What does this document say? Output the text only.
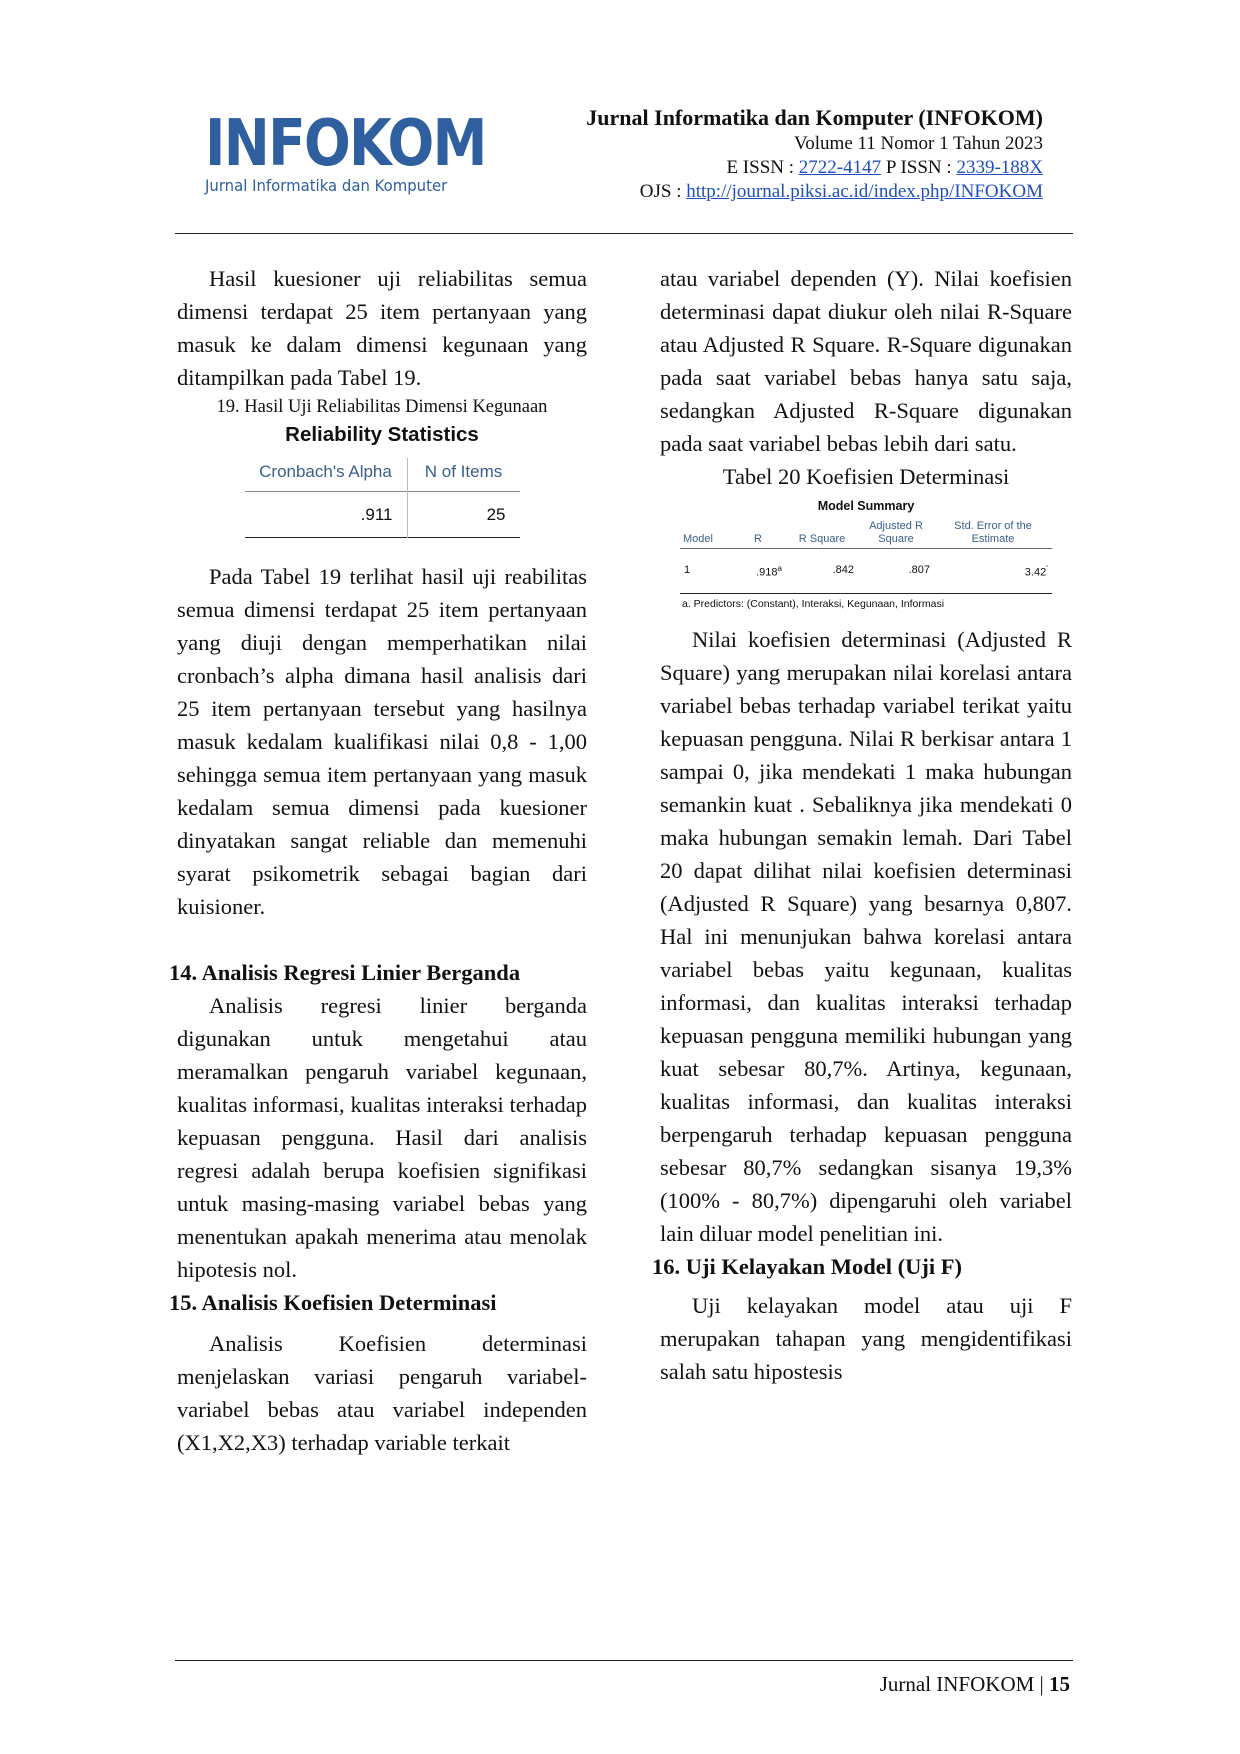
INFOKOM
Jurnal Informatika dan Komputer
Jurnal Informatika dan Komputer (INFOKOM)
Volume 11 Nomor 1 Tahun 2023
E ISSN : 2722-4147 P ISSN : 2339-188X
OJS : http://journal.piksi.ac.id/index.php/INFOKOM

Hasil kuesioner uji reliabilitas semua dimensi terdapat 25 item pertanyaan yang masuk ke dalam dimensi kegunaan yang ditampilkan pada Tabel 19.

19. Hasil Uji Reliabilitas Dimensi Kegunaan
Reliability Statistics
Cronbach's Alpha	N of Items
.911	25

Pada Tabel 19 terlihat hasil uji reabilitas semua dimensi terdapat 25 item pertanyaan yang diuji dengan memperhatikan nilai cronbach’s alpha dimana hasil analisis dari 25 item pertanyaan tersebut yang hasilnya masuk kedalam kualifikasi nilai 0,8 - 1,00 sehingga semua item pertanyaan yang masuk kedalam semua dimensi pada kuesioner dinyatakan sangat reliable dan memenuhi syarat psikometrik sebagai bagian dari kuisioner.

14. Analisis Regresi Linier Berganda

Analisis regresi linier berganda digunakan untuk mengetahui atau meramalkan pengaruh variabel kegunaan, kualitas informasi, kualitas interaksi terhadap kepuasan pengguna. Hasil dari analisis regresi adalah berupa koefisien signifikasi untuk masing-masing variabel bebas yang menentukan apakah menerima atau menolak hipotesis nol.

15. Analisis Koefisien Determinasi

Analisis Koefisien determinasi menjelaskan variasi pengaruh variabel-variabel bebas atau variabel independen (X1,X2,X3) terhadap variable terkait

atau variabel dependen (Y). Nilai koefisien determinasi dapat diukur oleh nilai R-Square atau Adjusted R Square. R-Square digunakan pada saat variabel bebas hanya satu saja, sedangkan Adjusted R-Square digunakan pada saat variabel bebas lebih dari satu.

Tabel 20 Koefisien Determinasi
Model Summary
Model	R	R Square	Adjusted R Square	Std. Error of the Estimate
1	.918$^a$	.842	.807	3.42‘
a. Predictors: (Constant), Interaksi, Kegunaan, Informasi

Nilai koefisien determinasi (Adjusted R Square) yang merupakan nilai korelasi antara variabel bebas terhadap variabel terikat yaitu kepuasan pengguna. Nilai R berkisar antara 1 sampai 0, jika mendekati 1 maka hubungan semankin kuat . Sebaliknya jika mendekati 0 maka hubungan semakin lemah. Dari Tabel 20 dapat dilihat nilai koefisien determinasi (Adjusted R Square) yang besarnya 0,807. Hal ini menunjukan bahwa korelasi antara variabel bebas yaitu kegunaan, kualitas informasi, dan kualitas interaksi terhadap kepuasan pengguna memiliki hubungan yang kuat sebesar 80,7%. Artinya, kegunaan, kualitas informasi, dan kualitas interaksi berpengaruh terhadap kepuasan pengguna sebesar 80,7% sedangkan sisanya 19,3% (100% - 80,7%) dipengaruhi oleh variabel lain diluar model penelitian ini.

16. Uji Kelayakan Model (Uji F)

Uji kelayakan model atau uji F merupakan tahapan yang mengidentifikasi salah satu hipostesis

Jurnal INFOKOM | 15
